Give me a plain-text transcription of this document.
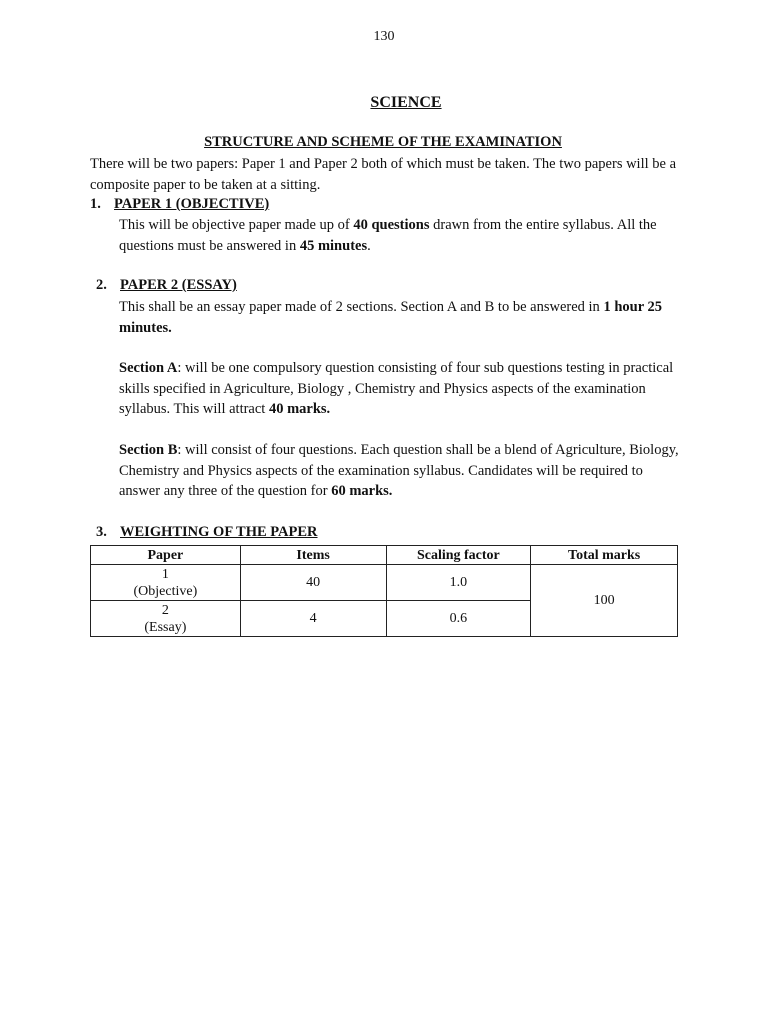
130
SCIENCE
STRUCTURE AND SCHEME OF THE EXAMINATION
There will be two papers: Paper 1 and Paper 2 both of which must be taken. The two papers will be a composite paper to be taken at a sitting.
1. PAPER 1 (OBJECTIVE)
This will be objective paper made up of 40 questions drawn from the entire syllabus. All the questions must be answered in 45 minutes.
2. PAPER 2 (ESSAY)
This shall be an essay paper made of 2 sections. Section A and B to be answered in 1 hour 25 minutes.
Section A: will be one compulsory question consisting of four sub questions testing in practical skills specified in Agriculture, Biology , Chemistry and Physics aspects of the examination syllabus. This will attract 40 marks.
Section B: will consist of four questions. Each question shall be a blend of Agriculture, Biology, Chemistry and Physics aspects of the examination syllabus. Candidates will be required to answer any three of the question for 60 marks.
3. WEIGHTING OF THE PAPER
Paper	Items	Scaling factor	Total marks

1
(Objective)	40	1.0	100

2
(Essay)	4	0.6	
